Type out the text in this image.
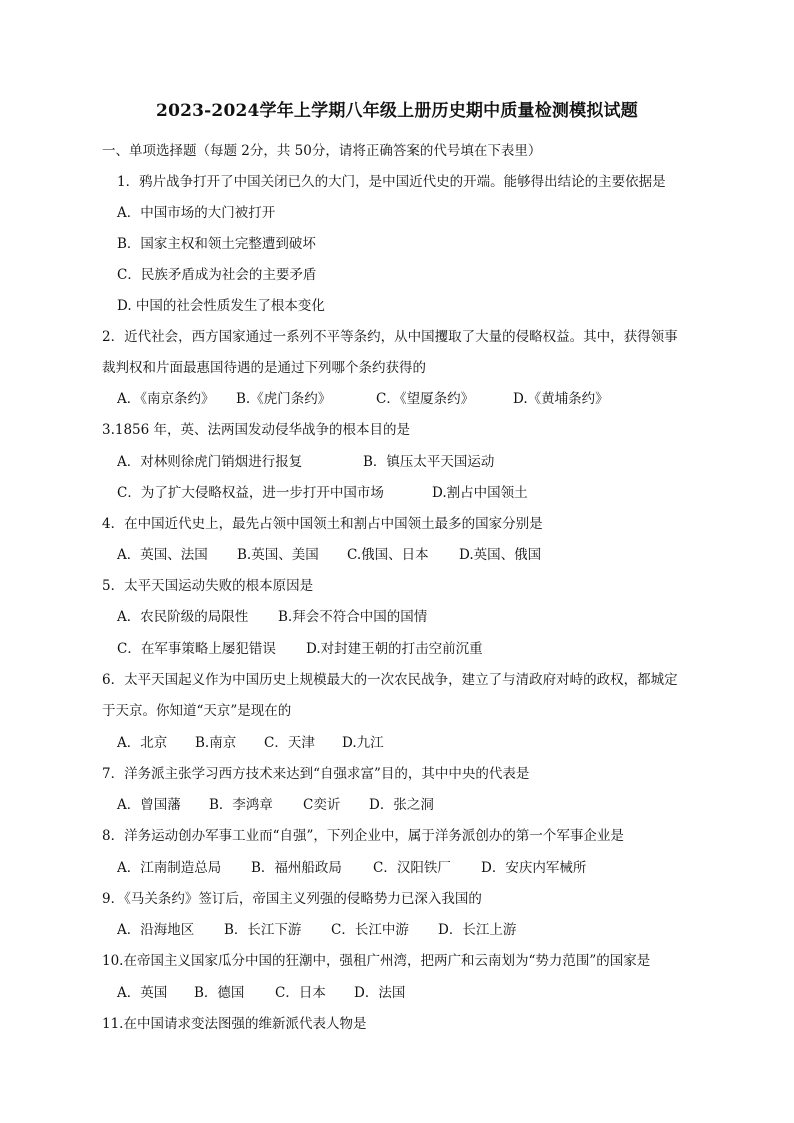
2023-2024学年上学期八年级上册历史期中质量检测模拟试题
一、单项选择题（每题 2分，共 50分，请将正确答案的代号填在下表里）
1．鸦片战争打开了中国关闭已久的大门，是中国近代史的开端。能够得出结论的主要依据是
A．中国市场的大门被打开
B．国家主权和领土完整遭到破坏
C．民族矛盾成为社会的主要矛盾
D. 中国的社会性质发生了根本变化
2．近代社会，西方国家通过一系列不平等条约，从中国攫取了大量的侵略权益。其中，获得领事
裁判权和片面最惠国待遇的是通过下列哪个条约获得的
A．《南京条约》 B.《虎门条约》	C．《望厦条约》	D.《黄埔条约》
3.1856 年，英、法两国发动侵华战争的根本目的是
A．对林则徐虎门销烟进行报复	B．镇压太平天国运动
C．为了扩大侵略权益，进一步打开中国市场	D.割占中国领土
4．在中国近代史上，最先占领中国领土和割占中国领土最多的国家分别是
A．英国、法国 B.英国、美国 C.俄国、日本 D.英国、俄国
5．太平天国运动失败的根本原因是
A．农民阶级的局限性 B.拜会不符合中国的国情
C．在军事策略上屡犯错误 D.对封建王朝的打击空前沉重
6．太平天国起义作为中国历史上规模最大的一次农民战争，建立了与清政府对峙的政权，都城定
于天京。你知道“天京”是现在的
A．北京 B.南京 C．天津 D.九江
7．洋务派主张学习西方技术来达到“自强求富”目的，其中中央的代表是
A．曾国藩 B．李鸿章 C奕䜣 D．张之洞
8．洋务运动创办军事工业而“自强”，下列企业中，属于洋务派创办的第一个军事企业是
A．江南制造总局 B．福州船政局 C．汉阳铁厂 D．安庆内军械所
9．《马关条约》签订后，帝国主义列强的侵略势力已深入我国的
A．沿海地区 B．长江下游 C．长江中游 D．长江上游
10.在帝国主义国家瓜分中国的狂潮中，强租广州湾，把两广和云南划为“势力范围”的国家是
A．英国 B．德国 C．日本 D．法国
11.在中国请求变法图强的维新派代表人物是
